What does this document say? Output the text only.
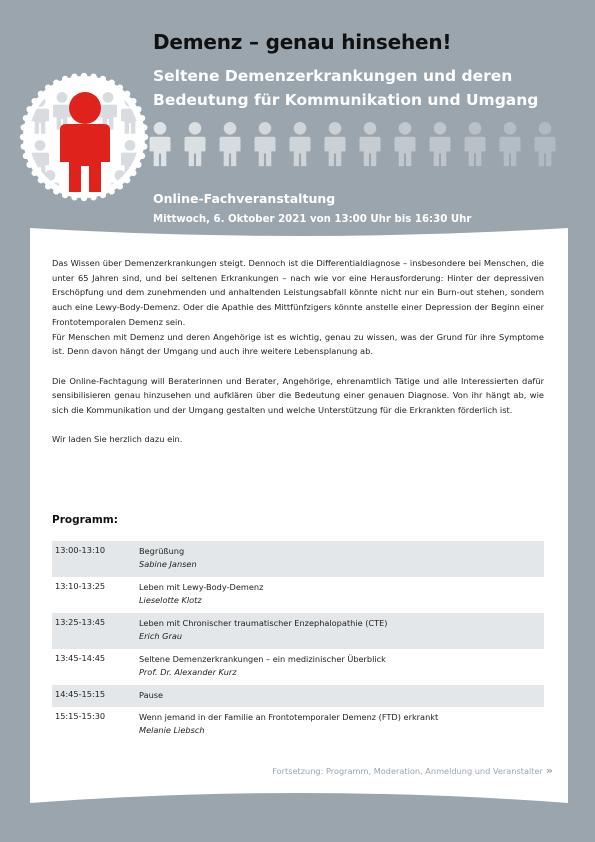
Demenz – genau hinsehen!
Seltene Demenzerkrankungen und deren
Bedeutung für Kommunikation und Umgang
Online-Fachveranstaltung
Mittwoch, 6. Oktober 2021 von 13:00 Uhr bis 16:30 Uhr

Das Wissen über Demenzerkrankungen steigt. Dennoch ist die Differentialdiagnose – insbesondere bei Menschen, die unter 65 Jahren sind, und bei seltenen Erkrankungen – nach wie vor eine Herausforderung: Hinter der depressiven Erschöpfung und dem zunehmenden und anhaltenden Leistungsabfall könnte nicht nur ein Burn-out stehen, sondern auch eine Lewy-Body-Demenz. Oder die Apathie des Mittfünfzigers könnte anstelle einer Depression der Beginn einer Frontotemporalen Demenz sein.

Für Menschen mit Demenz und deren Angehörige ist es wichtig, genau zu wissen, was der Grund für ihre Symptome ist. Denn davon hängt der Umgang und auch ihre weitere Lebensplanung ab.

Die Online-Fachtagung will Beraterinnen und Berater, Angehörige, ehrenamtlich Tätige und alle Interessierten dafür sensibilisieren genau hinzusehen und aufklären über die Bedeutung einer genauen Diagnose. Von ihr hängt ab, wie sich die Kommunikation und der Umgang gestalten und welche Unterstützung für die Erkrankten förderlich ist.

Wir laden Sie herzlich dazu ein.

Programm:
13:00-13:10	Begrüßung
Sabine Jansen
13:10-13:25	Leben mit Lewy-Body-Demenz
Lieselotte Klotz
13:25-13:45	Leben mit Chronischer traumatischer Enzephalopathie (CTE)
Erich Grau
13:45-14:45	Seltene Demenzerkrankungen – ein medizinischer Überblick
Prof. Dr. Alexander Kurz
14:45-15:15	Pause
15:15-15:30	Wenn jemand in der Familie an Frontotemporaler Demenz (FTD) erkrankt
Melanie Liebsch
Fortsetzung: Programm, Moderation, Anmeldung und Veranstalter »
